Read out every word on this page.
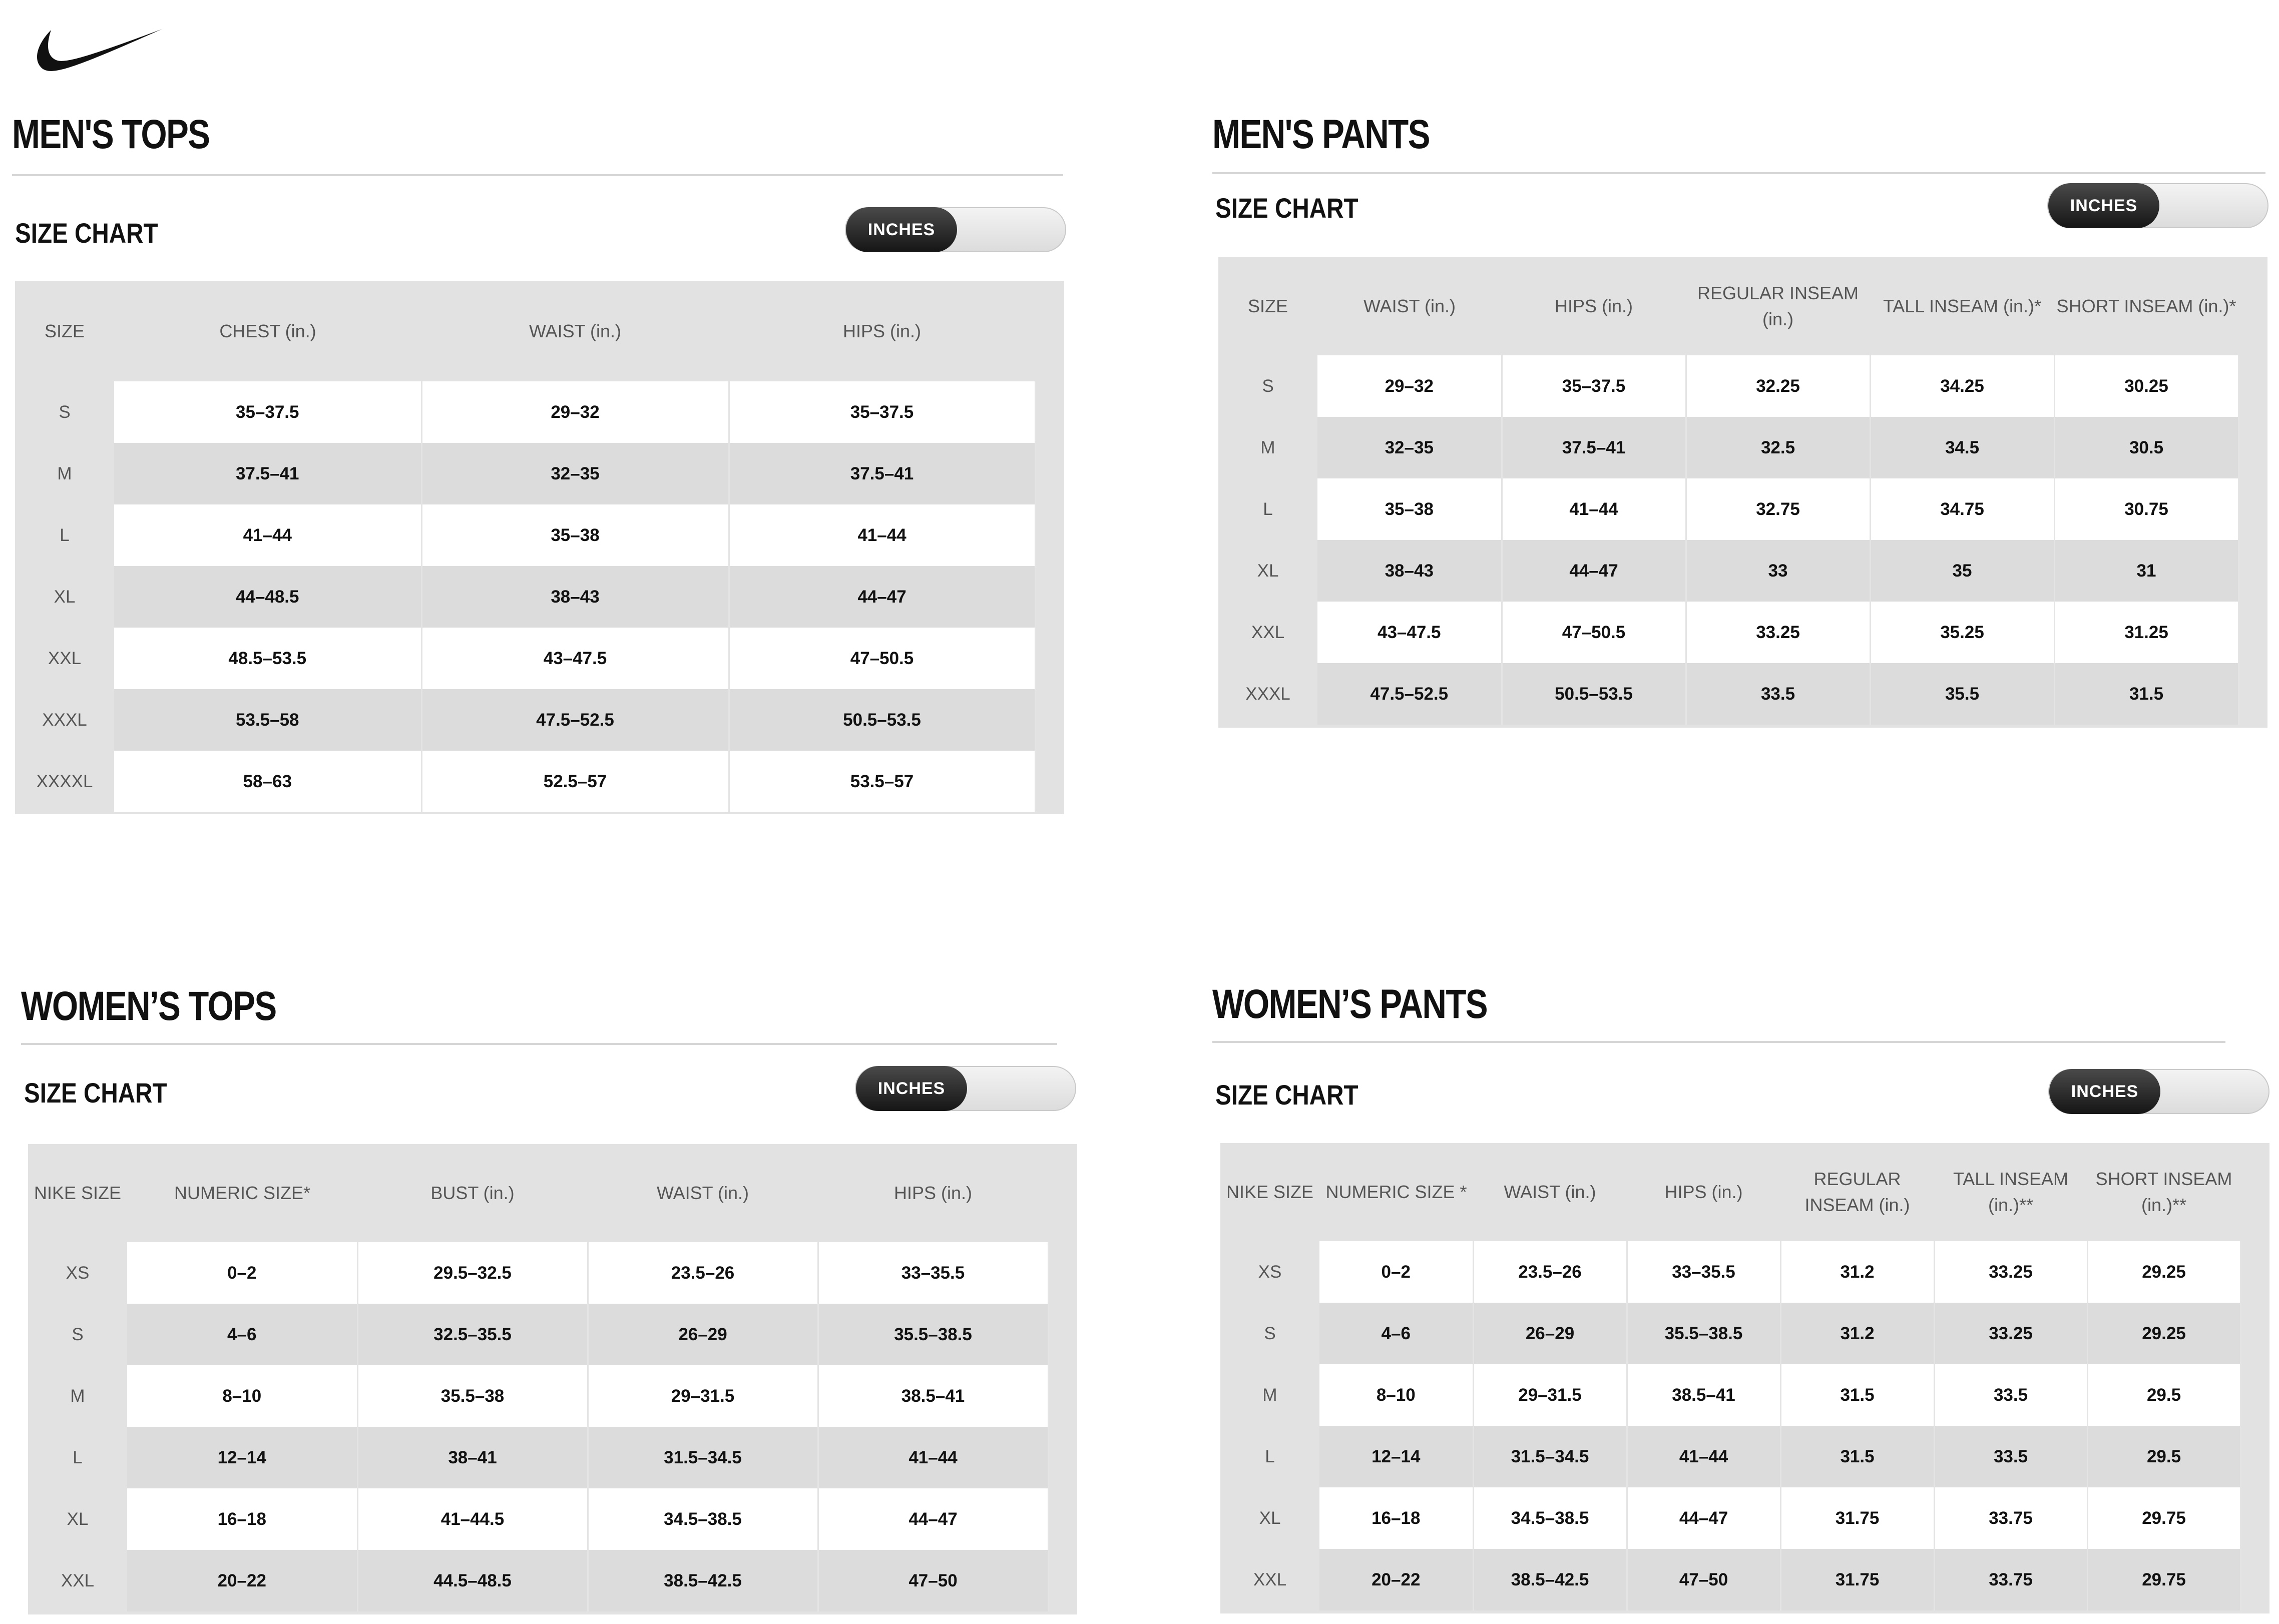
MEN'S TOPS
SIZE CHART	INCHES
SIZE	CHEST (in.)	WAIST (in.)	HIPS (in.)
S	35–37.5	29–32	35–37.5
M	37.5–41	32–35	37.5–41
L	41–44	35–38	41–44
XL	44–48.5	38–43	44–47
XXL	48.5–53.5	43–47.5	47–50.5
XXXL	53.5–58	47.5–52.5	50.5–53.5
XXXXL	58–63	52.5–57	53.5–57
MEN'S PANTS
SIZE CHART	INCHES
SIZE	WAIST (in.)	HIPS (in.)	REGULAR INSEAM (in.)	TALL INSEAM (in.)*	SHORT INSEAM (in.)*
S	29–32	35–37.5	32.25	34.25	30.25
M	32–35	37.5–41	32.5	34.5	30.5
L	35–38	41–44	32.75	34.75	30.75
XL	38–43	44–47	33	35	31
XXL	43–47.5	47–50.5	33.25	35.25	31.25
XXXL	47.5–52.5	50.5–53.5	33.5	35.5	31.5
WOMEN’S TOPS
SIZE CHART	INCHES
NIKE SIZE	NUMERIC SIZE*	BUST (in.)	WAIST (in.)	HIPS (in.)
XS	0–2	29.5–32.5	23.5–26	33–35.5
S	4–6	32.5–35.5	26–29	35.5–38.5
M	8–10	35.5–38	29–31.5	38.5–41
L	12–14	38–41	31.5–34.5	41–44
XL	16–18	41–44.5	34.5–38.5	44–47
XXL	20–22	44.5–48.5	38.5–42.5	47–50
WOMEN’S PANTS
SIZE CHART	INCHES
NIKE SIZE	NUMERIC SIZE *	WAIST (in.)	HIPS (in.)	REGULAR INSEAM (in.)	TALL INSEAM (in.)**	SHORT INSEAM (in.)**
XS	0–2	23.5–26	33–35.5	31.2	33.25	29.25
S	4–6	26–29	35.5–38.5	31.2	33.25	29.25
M	8–10	29–31.5	38.5–41	31.5	33.5	29.5
L	12–14	31.5–34.5	41–44	31.5	33.5	29.5
XL	16–18	34.5–38.5	44–47	31.75	33.75	29.75
XXL	20–22	38.5–42.5	47–50	31.75	33.75	29.75
